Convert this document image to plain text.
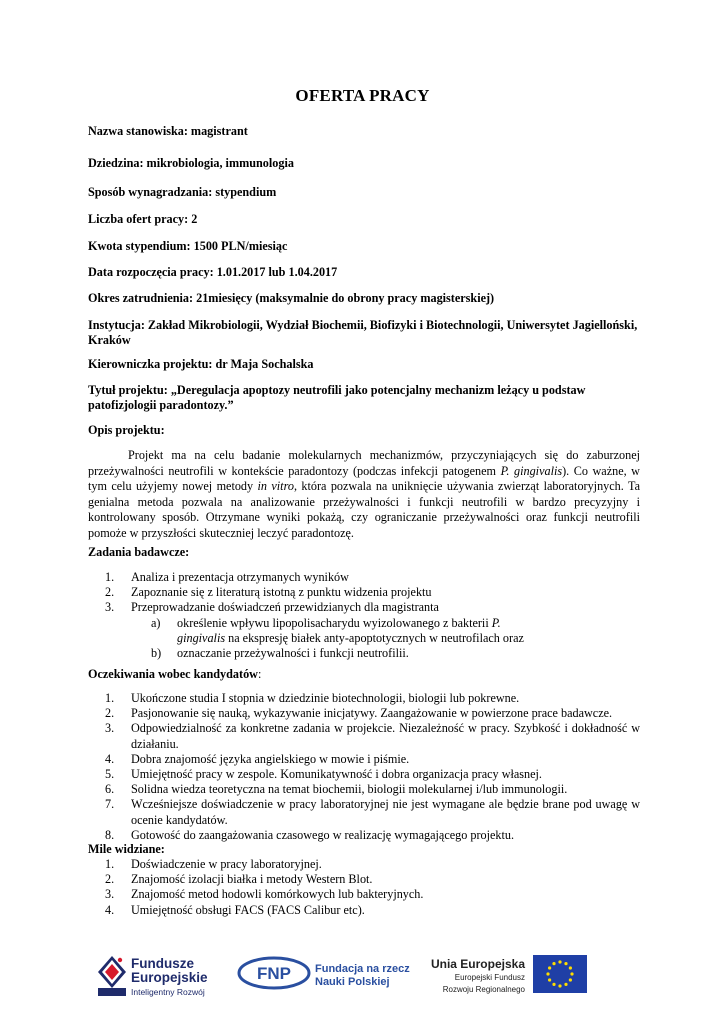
OFERTA PRACY
Nazwa stanowiska: magistrant
Dziedzina: mikrobiologia, immunologia
Sposób wynagradzania: stypendium
Liczba ofert pracy: 2
Kwota stypendium: 1500 PLN/miesiąc
Data rozpoczęcia pracy: 1.01.2017 lub 1.04.2017
Okres zatrudnienia: 21miesięcy (maksymalnie do obrony pracy magisterskiej)
Instytucja: Zakład Mikrobiologii, Wydział Biochemii, Biofizyki i Biotechnologii, Uniwersytet Jagielloński, Kraków
Kierowniczka projektu: dr Maja Sochalska
Tytuł projektu: „Deregulacja apoptozy neutrofili jako potencjalny mechanizm leżący u podstaw patofizjologii paradontozy.”
Opis projektu:
Projekt ma na celu badanie molekularnych mechanizmów, przyczyniających się do zaburzonej przeżywalności neutrofili w kontekście paradontozy (podczas infekcji patogenem P. gingivalis). Co ważne, w tym celu użyjemy nowej metody in vitro, która pozwala na uniknięcie używania zwierząt laboratoryjnych. Ta genialna metoda pozwala na analizowanie przeżywalności i funkcji neutrofili w bardzo precyzyjny i kontrolowany sposób. Otrzymane wyniki pokażą, czy ograniczanie przeżywalności oraz funkcji neutrofili pomoże w przyszłości skuteczniej leczyć paradontozę.
Zadania badawcze:
1. Analiza i prezentacja otrzymanych wyników
2. Zapoznanie się z literaturą istotną z punktu widzenia projektu
3. Przeprowadzanie doświadczeń przewidzianych dla magistranta
a) określenie wpływu lipopolisacharydu wyizolowanego z bakterii P. gingivalis na ekspresję białek anty-apoptotycznych w neutrofilach oraz
b) oznaczanie przeżywalności i funkcji neutrofilii.
Oczekiwania wobec kandydatów:
1. Ukończone studia I stopnia w dziedzinie biotechnologii, biologii lub pokrewne.
2. Pasjonowanie się nauką, wykazywanie inicjatywy. Zaangażowanie w powierzone prace badawcze.
3. Odpowiedzialność za konkretne zadania w projekcie. Niezależność w pracy. Szybkość i dokładność w działaniu.
4. Dobra znajomość języka angielskiego w mowie i piśmie.
5. Umiejętność pracy w zespole. Komunikatywność i dobra organizacja pracy własnej.
6. Solidna wiedza teoretyczna na temat biochemii, biologii molekularnej i/lub immunologii.
7. Wcześniejsze doświadczenie w pracy laboratoryjnej nie jest wymagane ale będzie brane pod uwagę w ocenie kandydatów.
8. Gotowość do zaangażowania czasowego w realizację wymagającego projektu.
Mile widziane:
1. Doświadczenie w pracy laboratoryjnej.
2. Znajomość izolacji białka i metody Western Blot.
3. Znajomość metod hodowli komórkowych lub bakteryjnych.
4. Umiejętność obsługi FACS (FACS Calibur etc).
Fundusze
Europejskie
Inteligentny Rozwój
FNP Fundacja na rzecz
Nauki Polskiej
Unia Europejska
Europejski Fundusz
Rozwoju Regionalnego
